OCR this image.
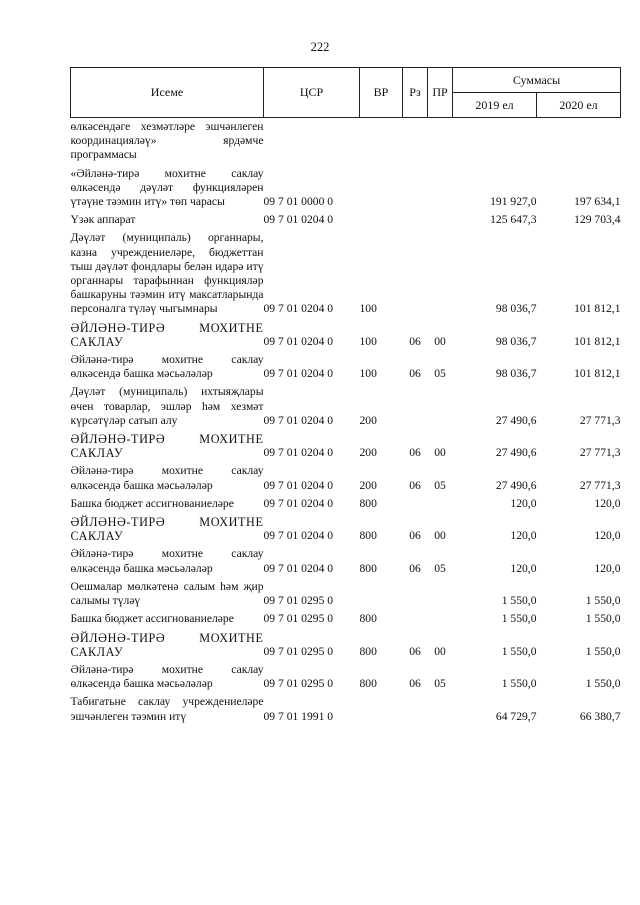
222
Исеме	ЦСР	ВР	Рз	ПР	Суммасы	
					2019 ел	2020 ел
өлкәсендәге хезмәтләре эшчәнлеген координацияләү» ярдәмче программасы						
«Әйләнә-тирә мохитне саклау өлкәсендә дәүләт функцияләрен үтәүне тәэмин итү» төп чарасы	09 7 01 0000 0				191 927,0	197 634,1
Үзәк аппарат	09 7 01 0204 0				125 647,3	129 703,4
Дәүләт (муниципаль) органнары, казна учреждениеләре, бюджеттан тыш дәүләт фондлары белән идарә итү органнары тарафыннан функцияләр башкаруны тәэмин итү максатларында персоналга түләү чыгымнары	09 7 01 0204 0	100			98 036,7	101 812,1
ӘЙЛӘНӘ-ТИРӘ МОХИТНЕ САКЛАУ	09 7 01 0204 0	100	06	00	98 036,7	101 812,1
Әйләнә-тирә мохитне саклау өлкәсендә башка мәсьәләләр	09 7 01 0204 0	100	06	05	98 036,7	101 812,1
Дәүләт (муниципаль) ихтыяҗлары өчен товарлар, эшләр һәм хезмәт күрсәтүләр сатып алу	09 7 01 0204 0	200			27 490,6	27 771,3
ӘЙЛӘНӘ-ТИРӘ МОХИТНЕ САКЛАУ	09 7 01 0204 0	200	06	00	27 490,6	27 771,3
Әйләнә-тирә мохитне саклау өлкәсендә башка мәсьәләләр	09 7 01 0204 0	200	06	05	27 490,6	27 771,3
Башка бюджет ассигнованиеләре	09 7 01 0204 0	800			120,0	120,0
ӘЙЛӘНӘ-ТИРӘ МОХИТНЕ САКЛАУ	09 7 01 0204 0	800	06	00	120,0	120,0
Әйләнә-тирә мохитне саклау өлкәсендә башка мәсьәләләр	09 7 01 0204 0	800	06	05	120,0	120,0
Оешмалар мөлкәтенә салым һәм җир салымы түләү	09 7 01 0295 0				1 550,0	1 550,0
Башка бюджет ассигнованиеләре	09 7 01 0295 0	800			1 550,0	1 550,0
ӘЙЛӘНӘ-ТИРӘ МОХИТНЕ САКЛАУ	09 7 01 0295 0	800	06	00	1 550,0	1 550,0
Әйләнә-тирә мохитне саклау өлкәсендә башка мәсьәләләр	09 7 01 0295 0	800	06	05	1 550,0	1 550,0
Табигатьне саклау учреждениеләре эшчәнлеген тәэмин итү	09 7 01 1991 0				64 729,7	66 380,7
